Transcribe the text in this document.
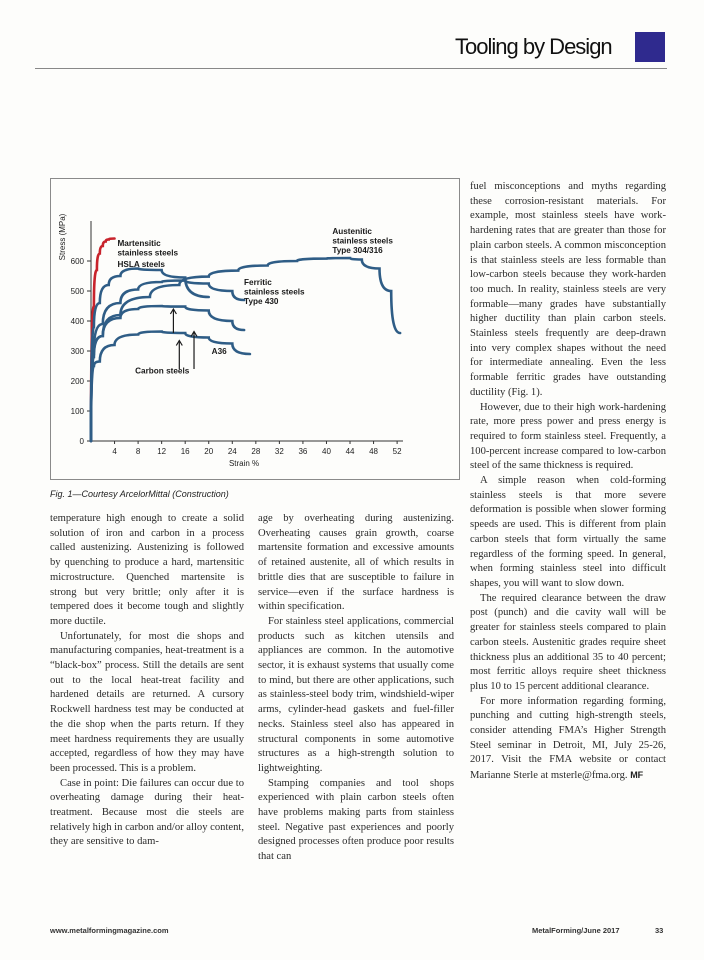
Tooling by Design
0
100
200
300
400
500
600
4 8 12 16 20 24 28 32 36 40 44 48 52
Strain %
Stress (MPa)	Martensitic stainless steels
HSLA steels
Austenitic stainless steels Type 304/316
Ferritic stainless steels Type 430
A36
Carbon steels
Fig. 1—Courtesy ArcelorMittal (Construction)

temperature high enough to create a solid solution of iron and carbon in a process called austenizing. Austenizing is followed by quenching to produce a hard, martensitic microstructure. Quenched martensite is strong but very brittle; only after it is tempered does it become tough and slightly more ductile.

Unfortunately, for most die shops and manufacturing companies, heat-treatment is a “black-box” process. Still the details are sent out to the local heat-treat facility and hardened details are returned. A cursory Rockwell hardness test may be conducted at the die shop when the parts return. If they meet hardness requirements they are usually accepted, regardless of how they may have been processed. This is a problem.

Case in point: Die failures can occur due to overheating damage during their heat-treatment. Because most die steels are relatively high in carbon and/or alloy content, they are sensitive to dam-

age by overheating during austenizing. Overheating causes grain growth, coarse martensite formation and excessive amounts of retained austenite, all of which results in brittle dies that are susceptible to failure in service—even if the surface hardness is within specification.

For stainless steel applications, commercial products such as kitchen utensils and appliances are common. In the automotive sector, it is exhaust systems that usually come to mind, but there are other applications, such as stainless-steel body trim, windshield-wiper arms, cylinder-head gaskets and fuel-filler necks. Stainless steel also has appeared in structural components in some automotive structures as a high-strength solution to lightweighting.

Stamping companies and tool shops experienced with plain carbon steels often have problems making parts from stainless steel. Negative past experiences and poorly designed processes often produce poor results that can

fuel misconceptions and myths regarding these corrosion-resistant materials. For example, most stainless steels have work-hardening rates that are greater than those for plain carbon steels. A common misconception is that stainless steels are less formable than low-carbon steels because they work-harden too much. In reality, stainless steels are very formable—many grades have substantially higher ductility than plain carbon steels. Stainless steels frequently are deep-drawn into very complex shapes without the need for intermediate annealing. Even the less formable ferritic grades have outstanding ductility (Fig. 1).

However, due to their high work-hardening rate, more press power and press energy is required to form stainless steel. Frequently, a 100-percent increase compared to low-carbon steel of the same thickness is required.

A simple reason when cold-forming stainless steels is that more severe deformation is possible when slower forming speeds are used. This is different from plain carbon steels that form virtually the same regardless of the forming speed. In general, when forming stainless steel into difficult shapes, you will want to slow down.

The required clearance between the draw post (punch) and die cavity wall will be greater for stainless steels compared to plain carbon steels. Austenitic grades require sheet thickness plus an additional 35 to 40 percent; most ferritic alloys require sheet thickness plus 10 to 15 percent additional clearance.

For more information regarding forming, punching and cutting high-strength steels, consider attending FMA’s Higher Strength Steel seminar in Detroit, MI, July 25-26, 2017. Visit the FMA website or contact Marianne Sterle at msterle@fma.org. MF

www.metalformingmagazine.com	MetalForming/June 2017	33
